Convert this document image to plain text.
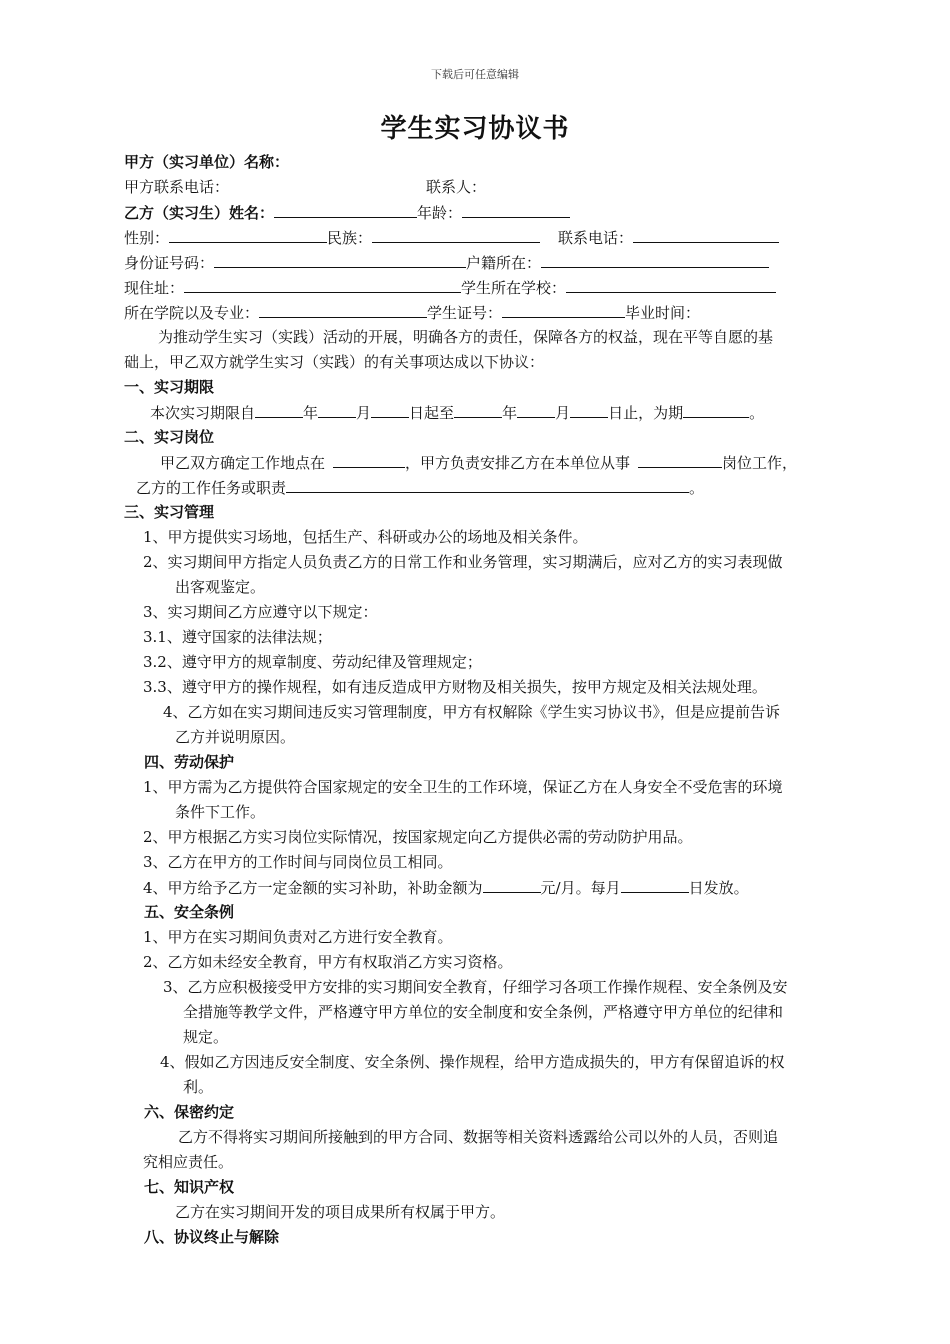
下载后可任意编辑
学生实习协议书
甲方（实习单位）名称：
甲方联系电话：	联系人：
乙方（实习生）姓名：	年龄：
性别：	民族：	联系电话：
身份证号码：	户籍所在：
现住址：	学生所在学校：
所在学院以及专业：	学生证号：	毕业时间：
为推动学生实习（实践）活动的开展，明确各方的责任，保障各方的权益，现在平等自愿的基
础上，甲乙双方就学生实习（实践）的有关事项达成以下协议：
一、实习期限
本次实习期限自	年	月	日起至	年	月	日止，为期	。
二、实习岗位
甲乙双方确定工作地点在	，甲方负责安排乙方在本单位从事	岗位工作，
乙方的工作任务或职责	。
三、实习管理
1、甲方提供实习场地，包括生产、科研或办公的场地及相关条件。
2、实习期间甲方指定人员负责乙方的日常工作和业务管理，实习期满后，应对乙方的实习表现做
出客观鉴定。
3、实习期间乙方应遵守以下规定：
3.1、遵守国家的法律法规；
3.2、遵守甲方的规章制度、劳动纪律及管理规定；
3.3、遵守甲方的操作规程，如有违反造成甲方财物及相关损失，按甲方规定及相关法规处理。
4、乙方如在实习期间违反实习管理制度，甲方有权解除《学生实习协议书》，但是应提前告诉
乙方并说明原因。
四、劳动保护
1、甲方需为乙方提供符合国家规定的安全卫生的工作环境，保证乙方在人身安全不受危害的环境
条件下工作。
2、甲方根据乙方实习岗位实际情况，按国家规定向乙方提供必需的劳动防护用品。
3、乙方在甲方的工作时间与同岗位员工相同。
4、甲方给予乙方一定金额的实习补助，补助金额为	元/月。每月	日发放。
五、安全条例
1、甲方在实习期间负责对乙方进行安全教育。
2、乙方如未经安全教育，甲方有权取消乙方实习资格。
3、乙方应积极接受甲方安排的实习期间安全教育，仔细学习各项工作操作规程、安全条例及安
全措施等教学文件，严格遵守甲方单位的安全制度和安全条例，严格遵守甲方单位的纪律和
规定。
4、假如乙方因违反安全制度、安全条例、操作规程，给甲方造成损失的，甲方有保留追诉的权
利。
六、保密约定
乙方不得将实习期间所接触到的甲方合同、数据等相关资料透露给公司以外的人员，否则追
究相应责任。
七、知识产权
乙方在实习期间开发的项目成果所有权属于甲方。
八、协议终止与解除
